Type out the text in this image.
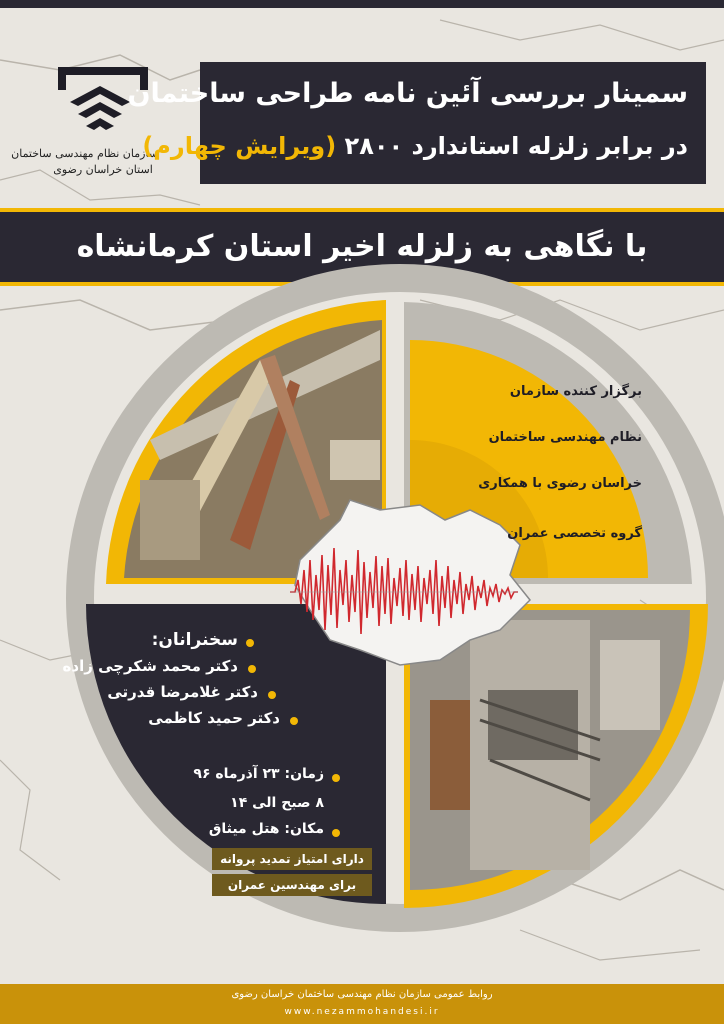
سازمان نظام مهندسی ساختمان
استان خراسان رضوی
سمینار بررسی آئین نامه طراحی ساختمان
در برابر زلزله استاندارد ۲۸۰۰ (ویرایش چهارم)
با نگاهی به زلزله اخیر استان کرمانشاه
برگزار کننده سازمان
نظام مهندسی ساختمان
خراسان رضوی با همکاری
گروه تخصصی عمران
سخنرانان:
دکتر محمد شکرچی زاده
دکتر غلامرضا قدرتی
دکتر حمید کاظمی
زمان: ۲۳ آذرماه ۹۶
۸ صبح الی ۱۴
مکان: هتل میثاق
دارای امتیاز تمدید پروانه
برای مهندسین عمران
روابط عمومی سازمان نظام مهندسی ساختمان خراسان رضوی
www.nezammohandesi.ir
